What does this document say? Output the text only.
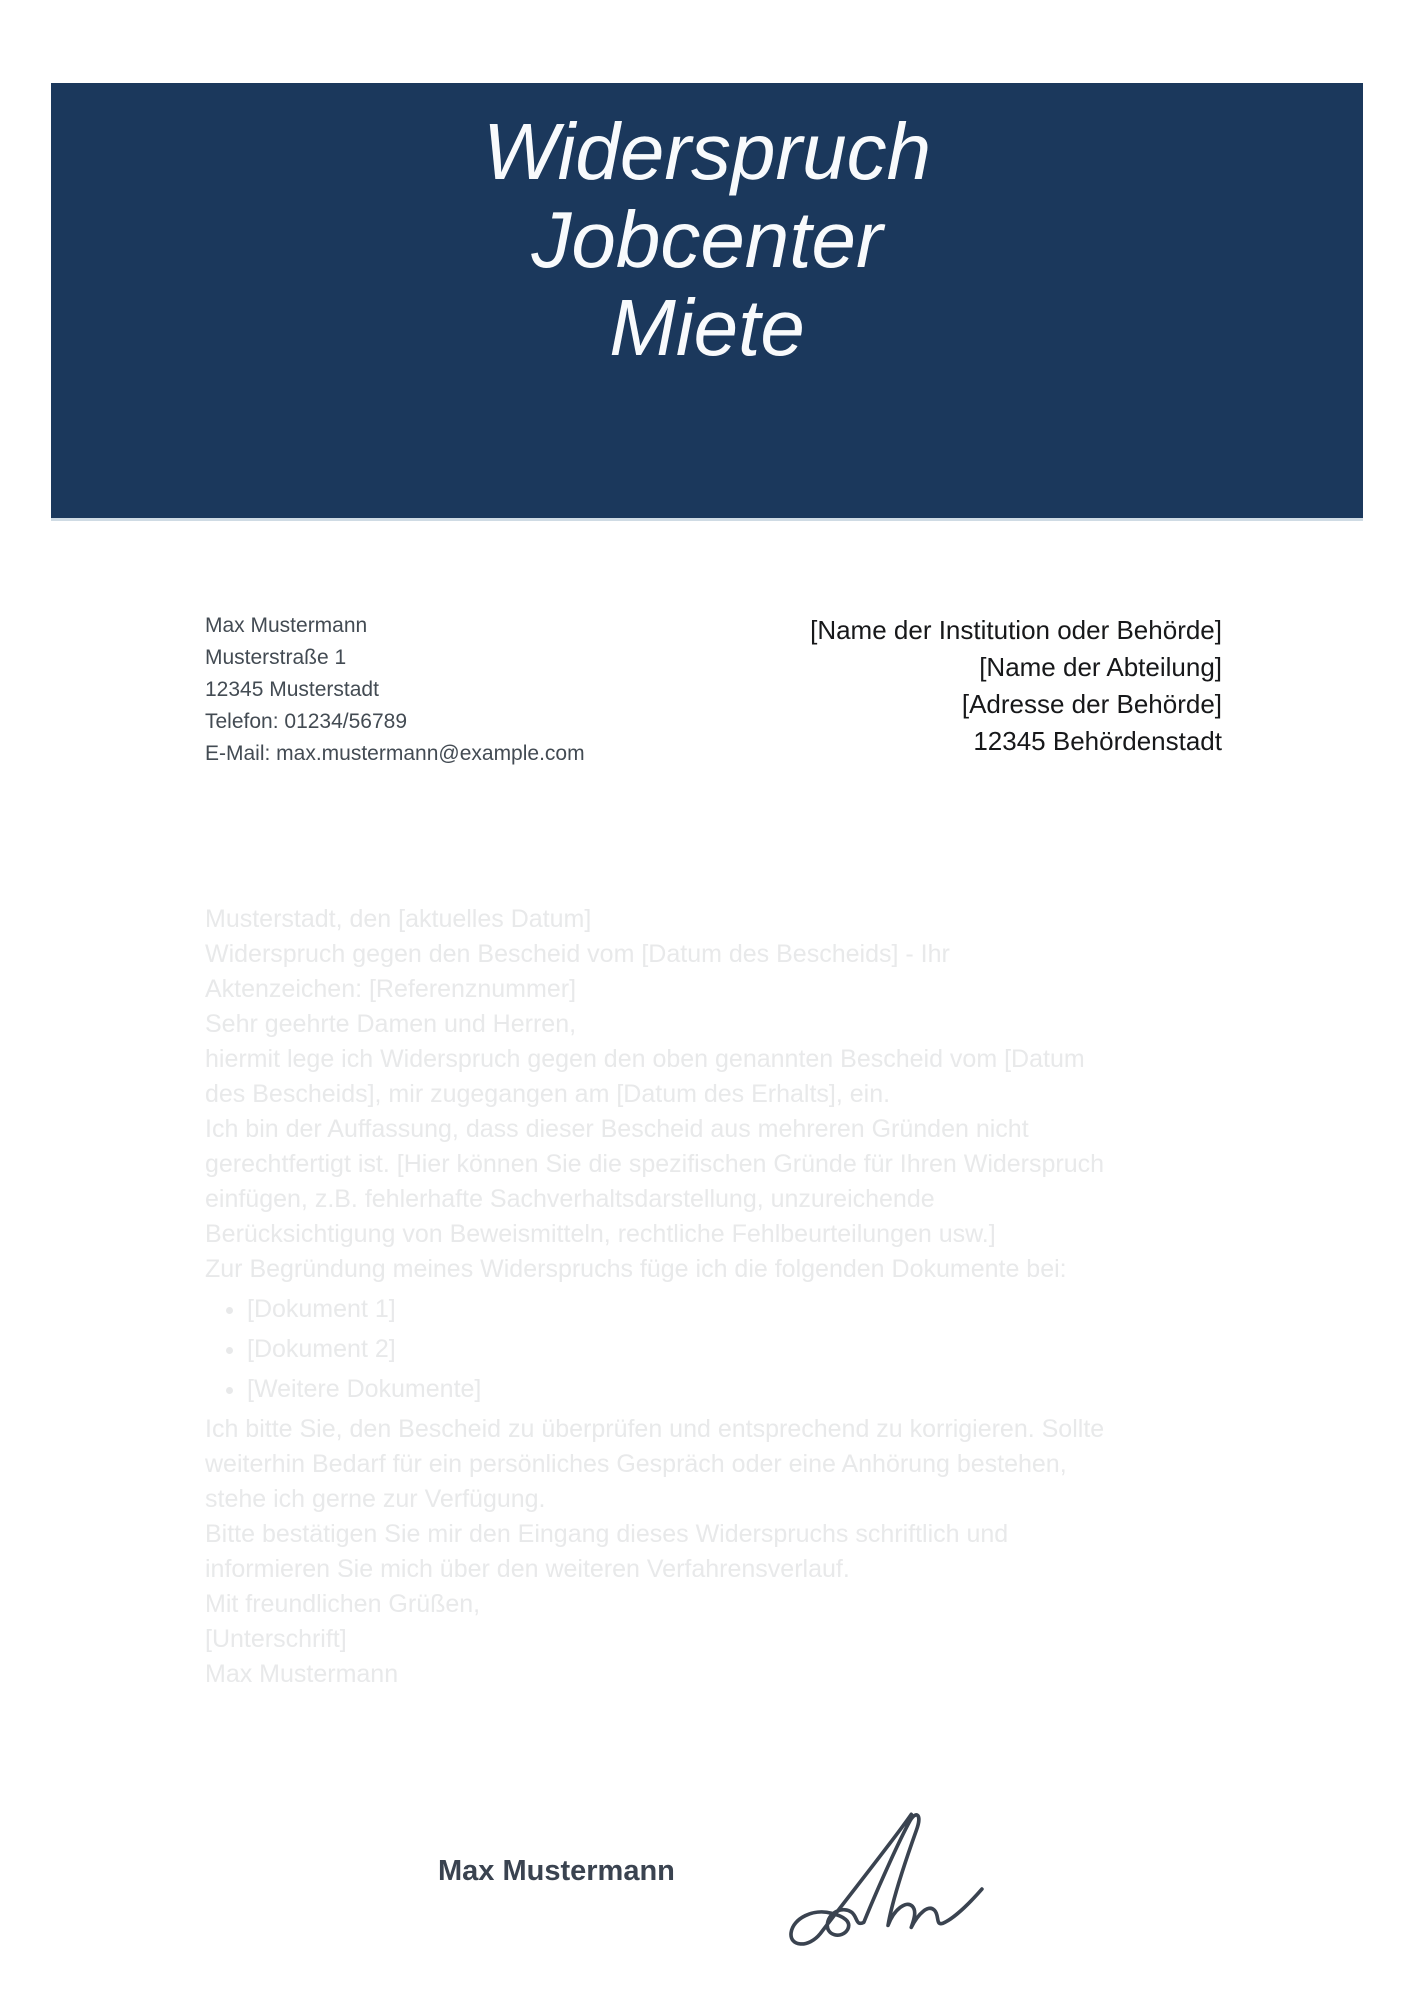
Widerspruch
Jobcenter
Miete
Max Mustermann
Musterstraße 1
12345 Musterstadt
Telefon: 01234/56789
E-Mail: max.mustermann@example.com
[Name der Institution oder Behörde]
[Name der Abteilung]
[Adresse der Behörde]
12345 Behördenstadt

Musterstadt, den [aktuelles Datum]

Widerspruch gegen den Bescheid vom [Datum des Bescheids] - Ihr Aktenzeichen: [Referenznummer]

Sehr geehrte Damen und Herren,

hiermit lege ich Widerspruch gegen den oben genannten Bescheid vom [Datum des Bescheids], mir zugegangen am [Datum des Erhalts], ein.

Ich bin der Auffassung, dass dieser Bescheid aus mehreren Gründen nicht gerechtfertigt ist. [Hier können Sie die spezifischen Gründe für Ihren Widerspruch einfügen, z.B. fehlerhafte Sachverhaltsdarstellung, unzureichende Berücksichtigung von Beweismitteln, rechtliche Fehlbeurteilungen usw.]

Zur Begründung meines Widerspruchs füge ich die folgenden Dokumente bei:

• [Dokument 1]
• [Dokument 2]
• [Weitere Dokumente]

Ich bitte Sie, den Bescheid zu überprüfen und entsprechend zu korrigieren. Sollte weiterhin Bedarf für ein persönliches Gespräch oder eine Anhörung bestehen, stehe ich gerne zur Verfügung.

Bitte bestätigen Sie mir den Eingang dieses Widerspruchs schriftlich und informieren Sie mich über den weiteren Verfahrensverlauf.

Mit freundlichen Grüßen,

[Unterschrift]

Max Mustermann

Max Mustermann
